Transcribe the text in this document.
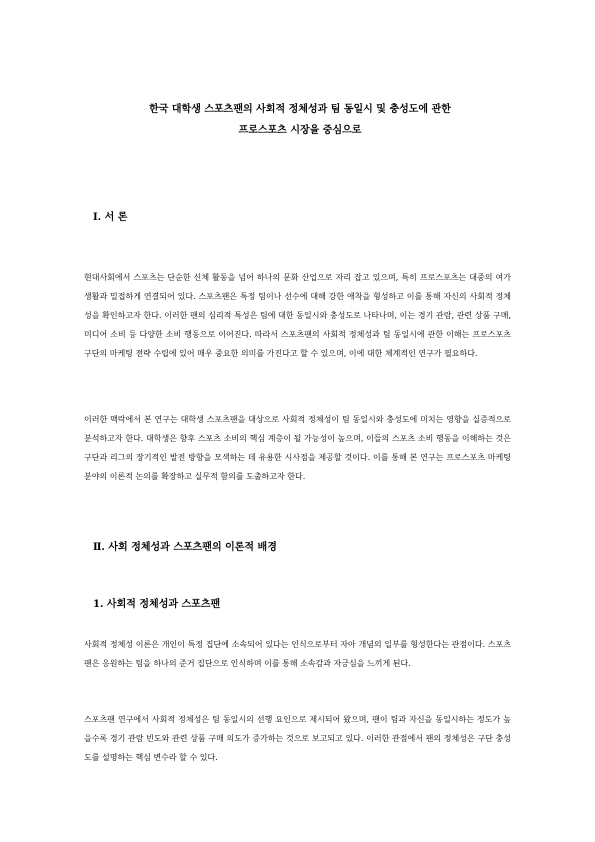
한국 대학생 스포츠팬의 사회적 정체성과 팀 동일시 및 충성도에 관한
프로스포츠 시장을 중심으로
Ⅰ. 서 론
현대사회에서 스포츠는 단순한 신체 활동을 넘어 하나의 문화 산업으로 자리 잡고 있으며, 특히 프로스포츠는 대중의 여가 생활과 밀접하게 연결되어 있다. 스포츠팬은 특정 팀이나 선수에 대해 강한 애착을 형성하고 이를 통해 자신의 사회적 정체성을 확인하고자 한다. 이러한 팬의 심리적 특성은 팀에 대한 동일시와 충성도로 나타나며, 이는 경기 관람, 관련 상품 구매, 미디어 소비 등 다양한 소비 행동으로 이어진다. 따라서 스포츠팬의 사회적 정체성과 팀 동일시에 관한 이해는 프로스포츠 구단의 마케팅 전략 수립에 있어 매우 중요한 의미를 가진다고 할 수 있으며, 이에 대한 체계적인 연구가 필요하다.
이러한 맥락에서 본 연구는 대학생 스포츠팬을 대상으로 사회적 정체성이 팀 동일시와 충성도에 미치는 영향을 실증적으로 분석하고자 한다. 대학생은 향후 스포츠 소비의 핵심 계층이 될 가능성이 높으며, 이들의 스포츠 소비 행동을 이해하는 것은 구단과 리그의 장기적인 발전 방향을 모색하는 데 유용한 시사점을 제공할 것이다. 이를 통해 본 연구는 프로스포츠 마케팅 분야의 이론적 논의를 확장하고 실무적 함의를 도출하고자 한다.
Ⅱ. 사회 정체성과 스포츠팬의 이론적 배경
1. 사회적 정체성과 스포츠팬
사회적 정체성 이론은 개인이 특정 집단에 소속되어 있다는 인식으로부터 자아 개념의 일부를 형성한다는 관점이다. 스포츠팬은 응원하는 팀을 하나의 준거 집단으로 인식하며 이를 통해 소속감과 자긍심을 느끼게 된다.
스포츠팬 연구에서 사회적 정체성은 팀 동일시의 선행 요인으로 제시되어 왔으며, 팬이 팀과 자신을 동일시하는 정도가 높을수록 경기 관람 빈도와 관련 상품 구매 의도가 증가하는 것으로 보고되고 있다. 이러한 관점에서 팬의 정체성은 구단 충성도를 설명하는 핵심 변수라 할 수 있다.
